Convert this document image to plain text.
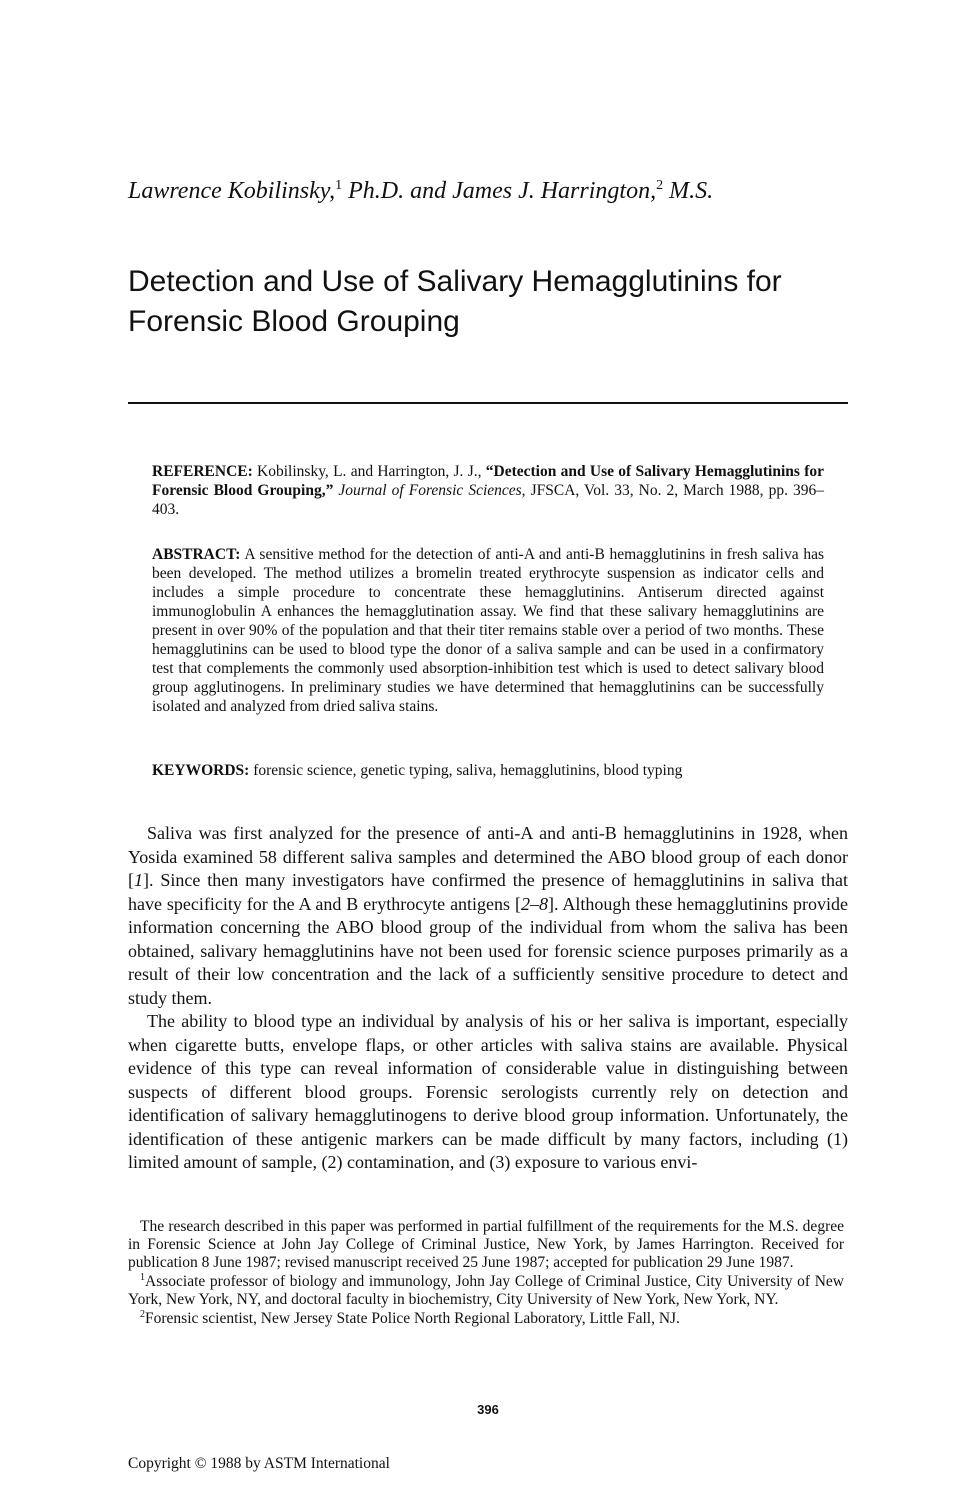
Lawrence Kobilinsky,$^1$ Ph.D. and James J. Harrington,$^2$ M.S.
Detection and Use of Salivary Hemagglutinins for
Forensic Blood Grouping
REFERENCE: Kobilinsky, L. and Harrington, J. J., “Detection and Use of Salivary Hemagglutinins for Forensic Blood Grouping,” Journal of Forensic Sciences, JFSCA, Vol. 33, No. 2, March 1988, pp. 396–403.
ABSTRACT: A sensitive method for the detection of anti-A and anti-B hemagglutinins in fresh saliva has been developed. The method utilizes a bromelin treated erythrocyte suspension as indicator cells and includes a simple procedure to concentrate these hemagglutinins. Antiserum directed against immunoglobulin A enhances the hemagglutination assay. We find that these salivary hemagglutinins are present in over 90% of the population and that their titer remains stable over a period of two months. These hemagglutinins can be used to blood type the donor of a saliva sample and can be used in a confirmatory test that complements the commonly used absorption-inhibition test which is used to detect salivary blood group agglutinogens. In preliminary studies we have determined that hemagglutinins can be successfully isolated and analyzed from dried saliva stains.
KEYWORDS: forensic science, genetic typing, saliva, hemagglutinins, blood typing

Saliva was first analyzed for the presence of anti-A and anti-B hemagglutinins in 1928, when Yosida examined 58 different saliva samples and determined the ABO blood group of each donor [1]. Since then many investigators have confirmed the presence of hemagglutinins in saliva that have specificity for the A and B erythrocyte antigens [2–8]. Although these hemagglutinins provide information concerning the ABO blood group of the individual from whom the saliva has been obtained, salivary hemagglutinins have not been used for forensic science purposes primarily as a result of their low concentration and the lack of a sufficiently sensitive procedure to detect and study them.

The ability to blood type an individual by analysis of his or her saliva is important, especially when cigarette butts, envelope flaps, or other articles with saliva stains are available. Physical evidence of this type can reveal information of considerable value in distinguishing between suspects of different blood groups. Forensic serologists currently rely on detection and identification of salivary hemagglutinogens to derive blood group information. Unfortunately, the identification of these antigenic markers can be made difficult by many factors, including (1) limited amount of sample, (2) contamination, and (3) exposure to various envi-

The research described in this paper was performed in partial fulfillment of the requirements for the M.S. degree in Forensic Science at John Jay College of Criminal Justice, New York, by James Harrington. Received for publication 8 June 1987; revised manuscript received 25 June 1987; accepted for publication 29 June 1987.

$^1$Associate professor of biology and immunology, John Jay College of Criminal Justice, City University of New York, New York, NY, and doctoral faculty in biochemistry, City University of New York, New York, NY.

$^2$Forensic scientist, New Jersey State Police North Regional Laboratory, Little Fall, NJ.

396
Copyright © 1988 by ASTM International
